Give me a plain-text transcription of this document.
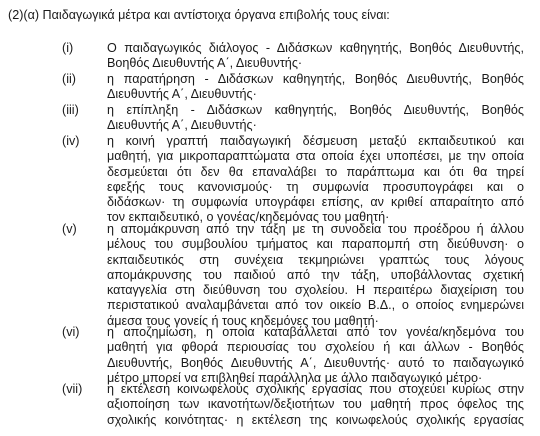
(2)(α) Παιδαγωγικά μέτρα και αντίστοιχα όργανα επιβολής τους είναι:
(i)	Ο παιδαγωγικός διάλογος - Διδάσκων καθηγητής, Βοηθός Διευθυντής,
Βοηθός Διευθυντής Α΄, Διευθυντής·
(ii) η παρατήρηση - Διδάσκων καθηγητής, Βοηθός Διευθυντής, Βοηθός
Διευθυντής Α΄, Διευθυντής·
(iii) η επίπληξη - Διδάσκων καθηγητής, Βοηθός Διευθυντής, Βοηθός
Διευθυντής Α΄, Διευθυντής·
(iv) η κοινή γραπτή παιδαγωγική δέσμευση μεταξύ εκπαιδευτικού και
μαθητή, για μικροπαραπτώματα στα οποία έχει υποπέσει, με την οποία
δεσμεύεται ότι δεν θα επαναλάβει το παράπτωμα και ότι θα τηρεί
εφεξής τους κανονισμούς· τη συμφωνία προσυπογράφει και ο
διδάσκων· τη συμφωνία υπογράφει επίσης, αν κριθεί απαραίτητο από
τον εκπαιδευτικό, ο γονέας/κηδεμόνας του μαθητή·
(v) η απομάκρυνση από την τάξη με τη συνοδεία του προέδρου ή άλλου
μέλους του συμβουλίου τμήματος και παραπομπή στη διεύθυνση· ο
εκπαιδευτικός στη συνέχεια τεκμηριώνει γραπτώς τους λόγους
απομάκρυνσης του παιδιού από την τάξη, υποβάλλοντας σχετική
καταγγελία στη διεύθυνση του σχολείου. Η περαιτέρω διαχείριση του
περιστατικού αναλαμβάνεται από τον οικείο Β.Δ., ο οποίος ενημερώνει
άμεσα τους γονείς ή τους κηδεμόνες του μαθητή·
(vi) η αποζημίωση, η οποία καταβάλλεται από τον γονέα/κηδεμόνα του
μαθητή για φθορά περιουσίας του σχολείου ή και άλλων - Βοηθός
Διευθυντής, Βοηθός Διευθυντής Α΄, Διευθυντής· αυτό το παιδαγωγικό
μέτρο μπορεί να επιβληθεί παράλληλα με άλλο παιδαγωγικό μέτρο·
(vii) η εκτέλεση κοινωφελούς σχολικής εργασίας που στοχεύει κυρίως στην
αξιοποίηση των ικανοτήτων/δεξιοτήτων του μαθητή προς όφελος της
σχολικής κοινότητας· η εκτέλεση της κοινωφελούς σχολικής εργασίας
